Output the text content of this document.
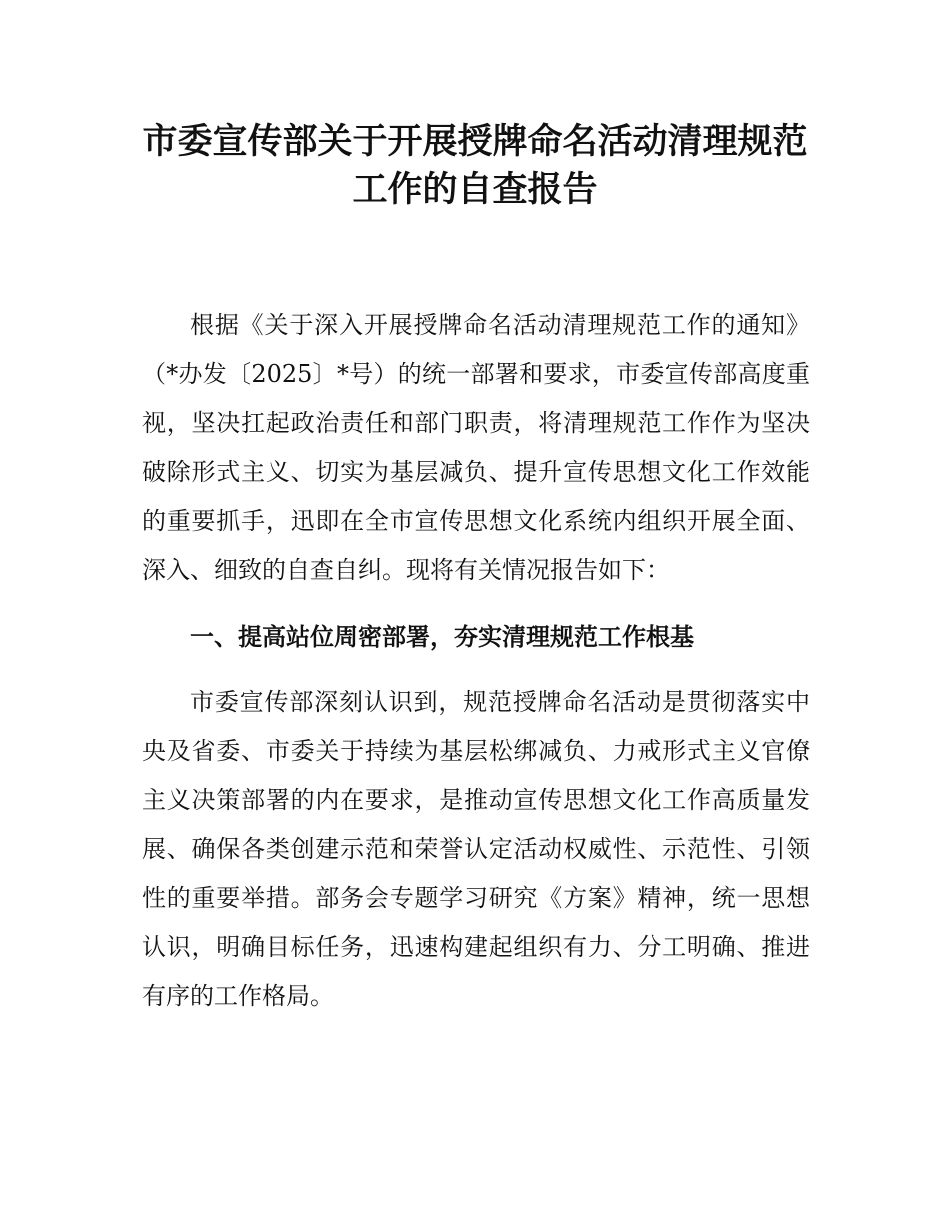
市委宣传部关于开展授牌命名活动清理规范
工作的自查报告
根据《关于深入开展授牌命名活动清理规范工作的通知》
（*办发〔2025〕*号）的统一部署和要求，市委宣传部高度重
视，坚决扛起政治责任和部门职责，将清理规范工作作为坚决
破除形式主义、切实为基层减负、提升宣传思想文化工作效能
的重要抓手，迅即在全市宣传思想文化系统内组织开展全面、
深入、细致的自查自纠。现将有关情况报告如下：
一、提高站位周密部署，夯实清理规范工作根基
市委宣传部深刻认识到，规范授牌命名活动是贯彻落实中
央及省委、市委关于持续为基层松绑减负、力戒形式主义官僚
主义决策部署的内在要求，是推动宣传思想文化工作高质量发
展、确保各类创建示范和荣誉认定活动权威性、示范性、引领
性的重要举措。部务会专题学习研究《方案》精神，统一思想
认识，明确目标任务，迅速构建起组织有力、分工明确、推进
有序的工作格局。
